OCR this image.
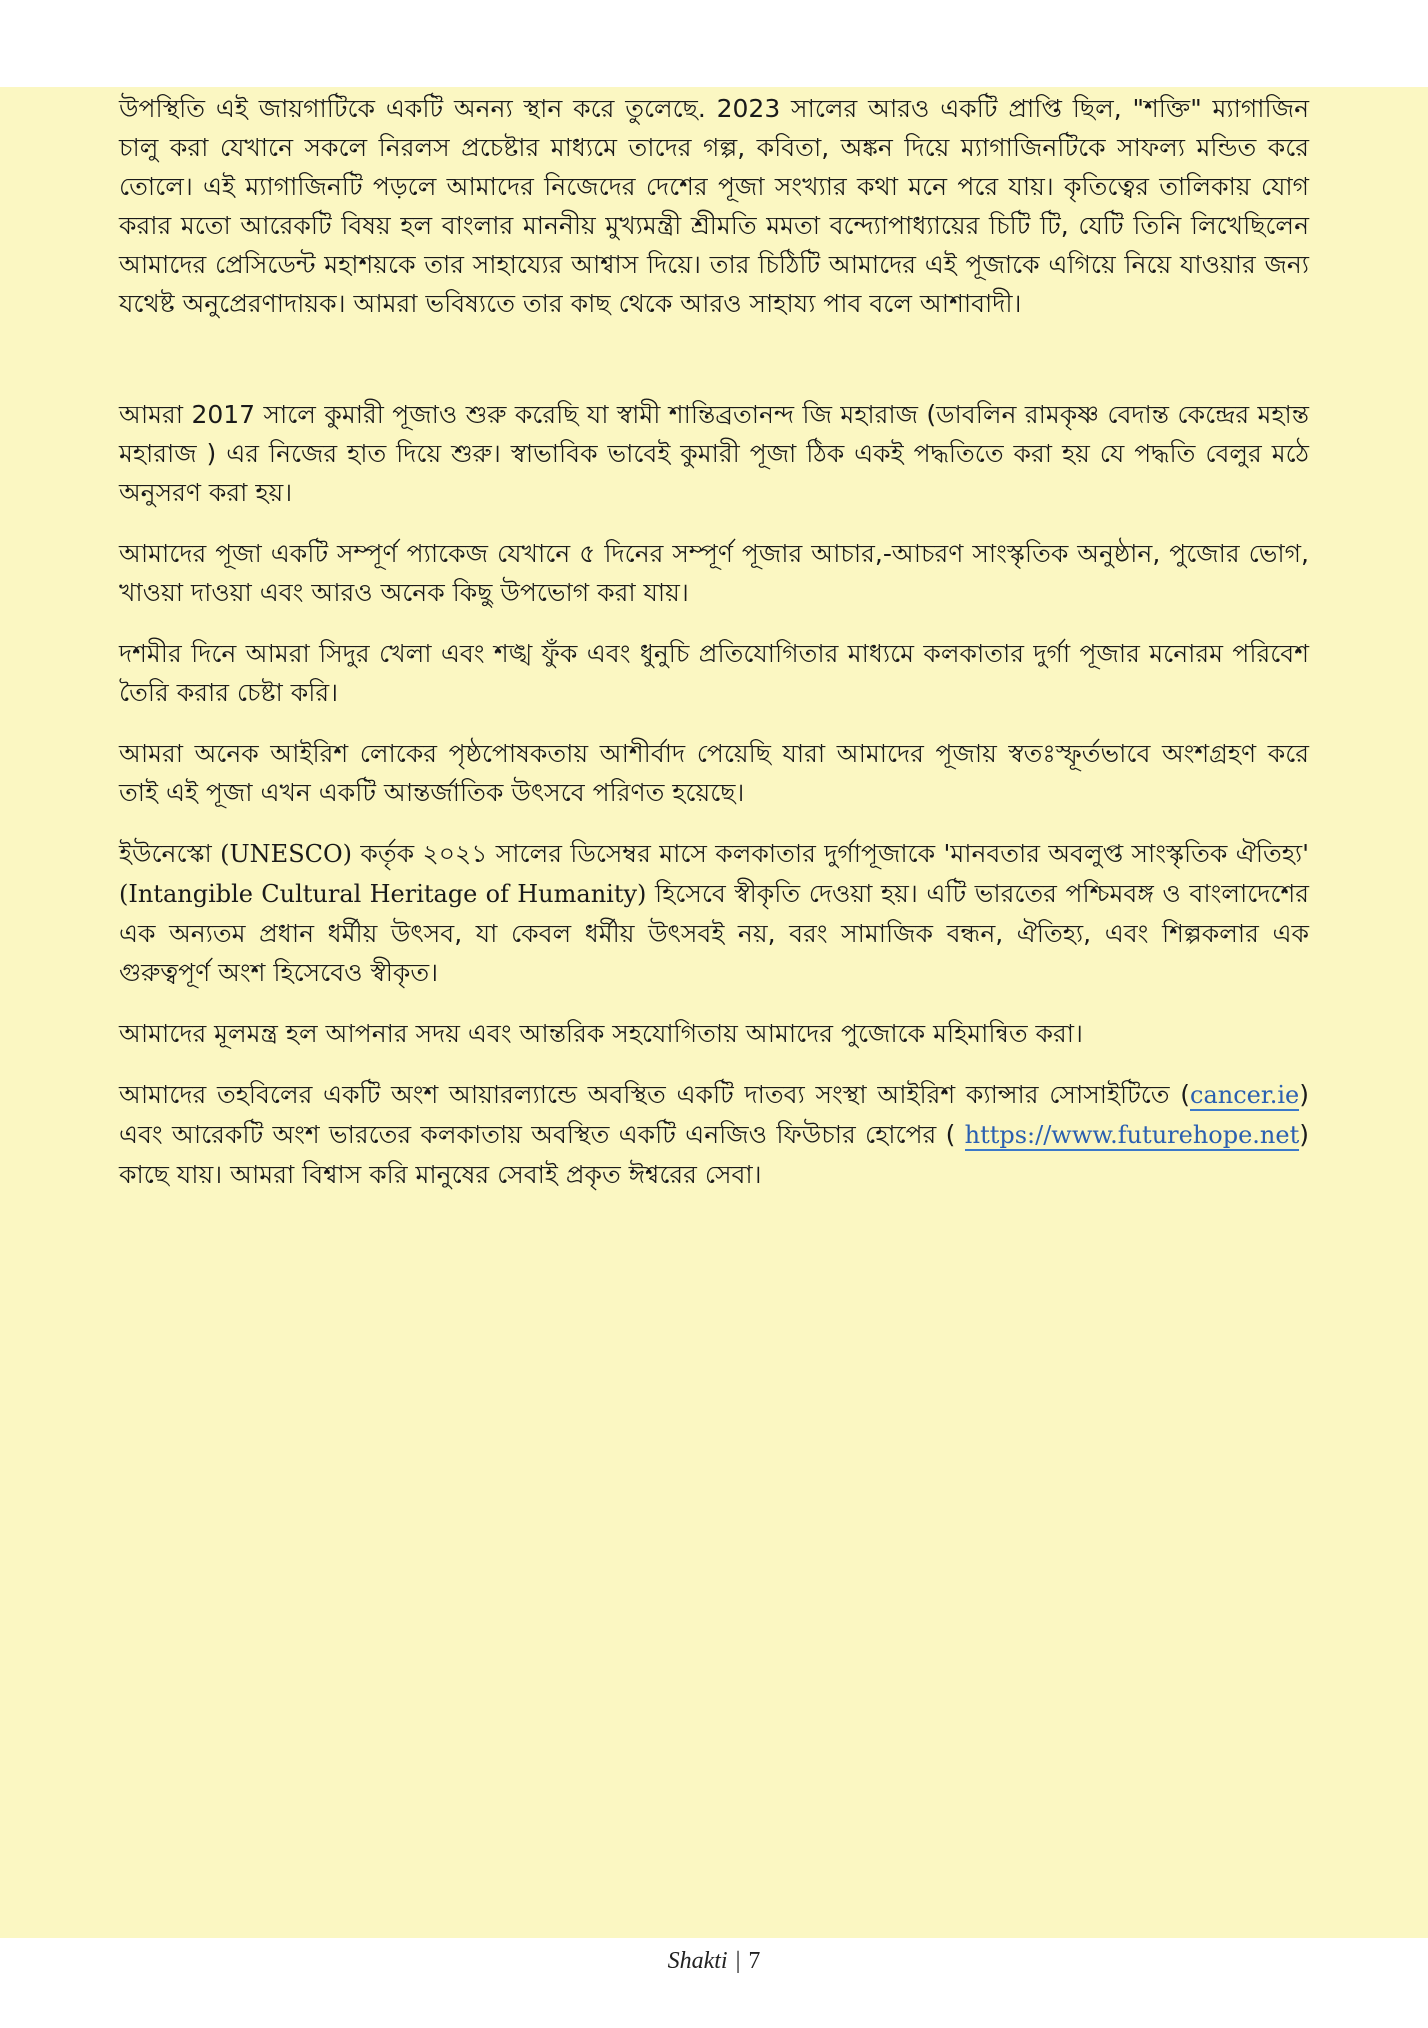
উপস্থিতি এই জায়গাটিকে একটি অনন্য স্থান করে তুলেছে. 2023 সালের আরও একটি প্রাপ্তি ছিল, "শক্তি" ম্যাগাজিন চালু করা যেখানে সকলে নিরলস প্রচেষ্টার মাধ্যমে তাদের গল্প, কবিতা, অঙ্কন দিয়ে ম্যাগাজিনটিকে সাফল্য মন্ডিত করে তোলে। এই ম্যাগাজিনটি পড়লে আমাদের নিজেদের দেশের পূজা সংখ্যার কথা মনে পরে যায়। কৃতিত্বের তালিকায় যোগ করার মতো আরেকটি বিষয় হল বাংলার মাননীয় মুখ্যমন্ত্রী শ্রীমতি মমতা বন্দ্যোপাধ্যায়ের চিটি টি, যেটি তিনি লিখেছিলেন আমাদের প্রেসিডেন্ট মহাশয়কে তার সাহায্যের আশ্বাস দিয়ে। তার চিঠিটি আমাদের এই পূজাকে এগিয়ে নিয়ে যাওয়ার জন্য যথেষ্ট অনুপ্রেরণাদায়ক। আমরা ভবিষ্যতে তার কাছ থেকে আরও সাহায্য পাব বলে আশাবাদী।

আমরা 2017 সালে কুমারী পূজাও শুরু করেছি যা স্বামী শান্তিব্রতানন্দ জি মহারাজ (ডাবলিন রামকৃষ্ণ বেদান্ত কেন্দ্রের মহান্ত মহারাজ ) এর নিজের হাত দিয়ে শুরু। স্বাভাবিক ভাবেই কুমারী পূজা ঠিক একই পদ্ধতিতে করা হয় যে পদ্ধতি বেলুর মঠে অনুসরণ করা হয়।

আমাদের পূজা একটি সম্পূর্ণ প্যাকেজ যেখানে ৫ দিনের সম্পূর্ণ পূজার আচার,-আচরণ সাংস্কৃতিক অনুষ্ঠান, পুজোর ভোগ, খাওয়া দাওয়া এবং আরও অনেক কিছু উপভোগ করা যায়।

দশমীর দিনে আমরা সিদুর খেলা এবং শঙ্খ ফুঁক এবং ধুনুচি প্রতিযোগিতার মাধ্যমে কলকাতার দুর্গা পূজার মনোরম পরিবেশ তৈরি করার চেষ্টা করি।

আমরা অনেক আইরিশ লোকের পৃষ্ঠপোষকতায় আশীর্বাদ পেয়েছি যারা আমাদের পূজায় স্বতঃস্ফূর্তভাবে অংশগ্রহণ করে তাই এই পূজা এখন একটি আন্তর্জাতিক উৎসবে পরিণত হয়েছে।

ইউনেস্কো (UNESCO) কর্তৃক ২০২১ সালের ডিসেম্বর মাসে কলকাতার দুর্গাপূজাকে 'মানবতার অবলুপ্ত সাংস্কৃতিক ঐতিহ্য' (Intangible Cultural Heritage of Humanity) হিসেবে স্বীকৃতি দেওয়া হয়। এটি ভারতের পশ্চিমবঙ্গ ও বাংলাদেশের এক অন্যতম প্রধান ধর্মীয় উৎসব, যা কেবল ধর্মীয় উৎসবই নয়, বরং সামাজিক বন্ধন, ঐতিহ্য, এবং শিল্পকলার এক গুরুত্বপূর্ণ অংশ হিসেবেও স্বীকৃত।

আমাদের মূলমন্ত্র হল আপনার সদয় এবং আন্তরিক সহযোগিতায় আমাদের পুজোকে মহিমান্বিত করা।

আমাদের তহবিলের একটি অংশ আয়ারল্যান্ডে অবস্থিত একটি দাতব্য সংস্থা আইরিশ ক্যান্সার সোসাইটিতে (cancer.ie) এবং আরেকটি অংশ ভারতের কলকাতায় অবস্থিত একটি এনজিও ফিউচার হোপের ( https://www.futurehope.net) কাছে যায়। আমরা বিশ্বাস করি মানুষের সেবাই প্রকৃত ঈশ্বরের সেবা।

Shakti | 7
